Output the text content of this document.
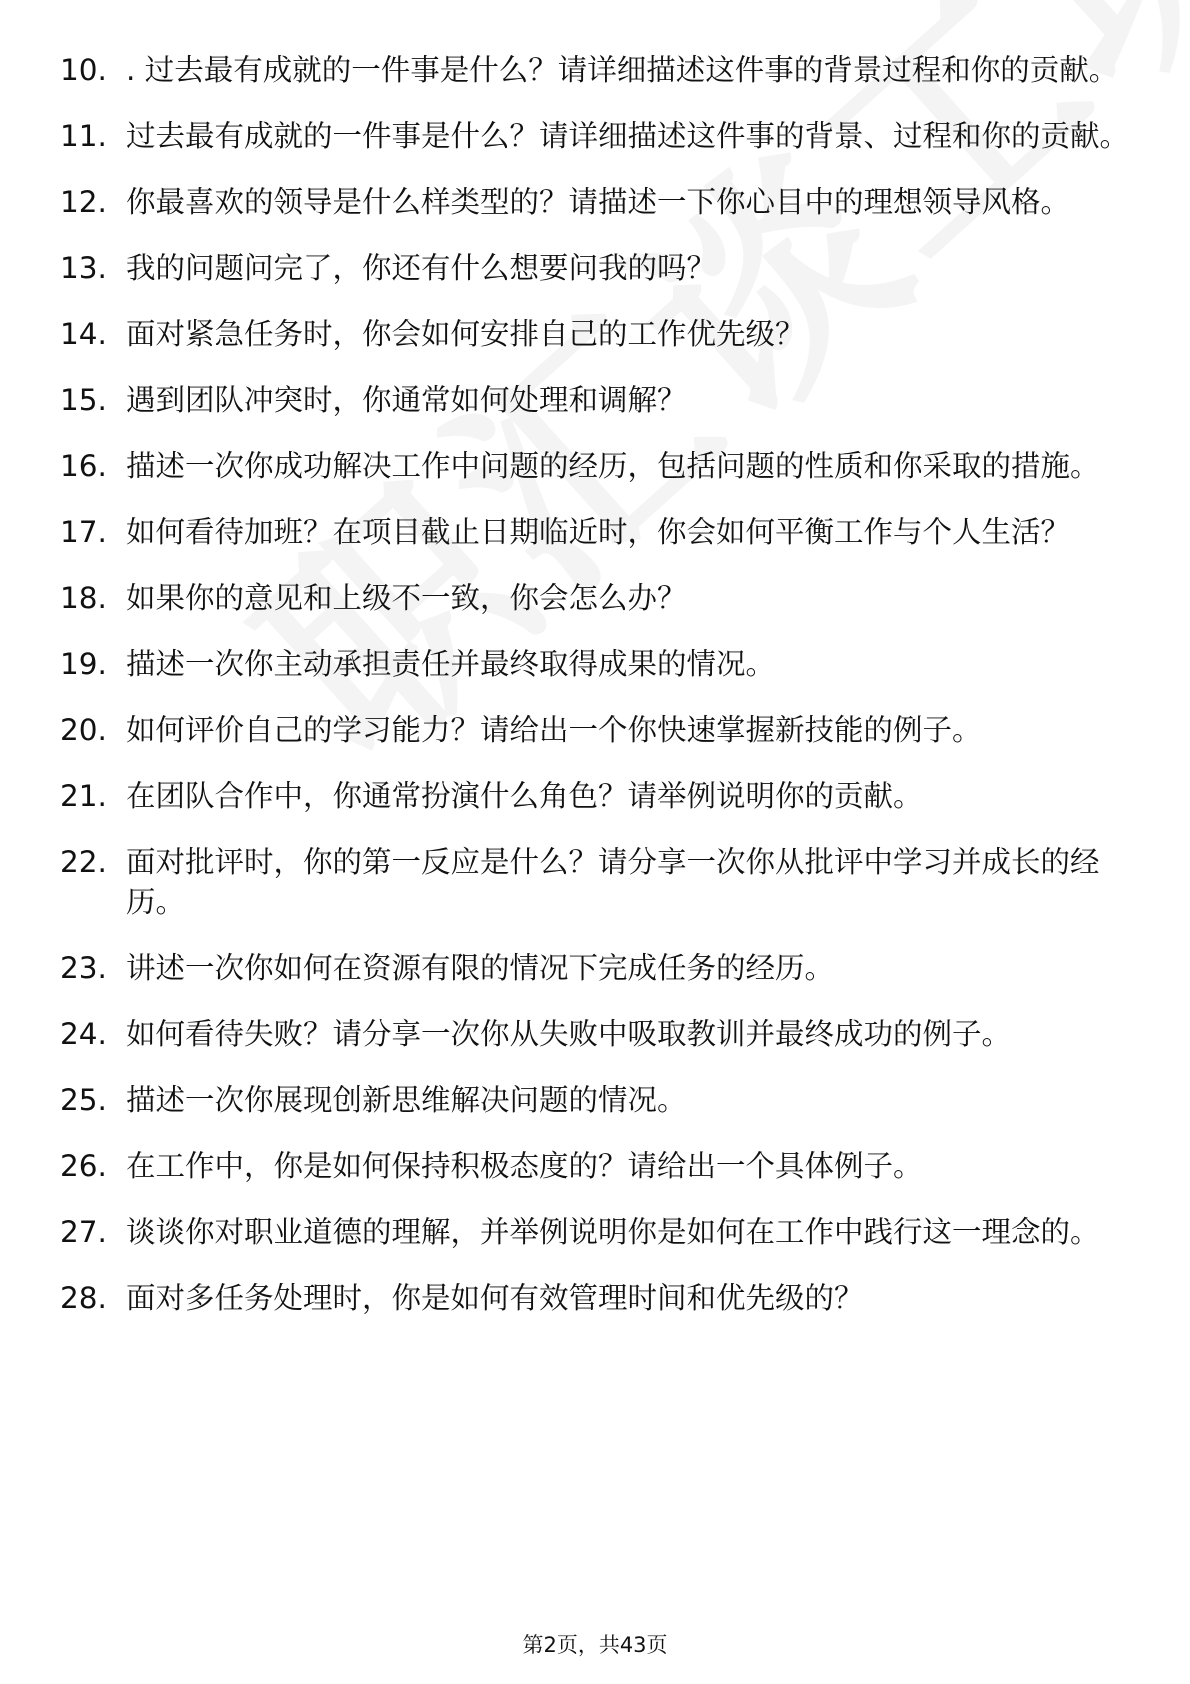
10. . 过去最有成就的一件事是什么？请详细描述这件事的背景过程和你的贡献。
11. 过去最有成就的一件事是什么？请详细描述这件事的背景、过程和你的贡献。
12. 你最喜欢的领导是什么样类型的？请描述一下你心目中的理想领导风格。
13. 我的问题问完了，你还有什么想要问我的吗？
14. 面对紧急任务时，你会如何安排自己的工作优先级？
15. 遇到团队冲突时，你通常如何处理和调解？
16. 描述一次你成功解决工作中问题的经历，包括问题的性质和你采取的措施。
17. 如何看待加班？在项目截止日期临近时，你会如何平衡工作与个人生活？
18. 如果你的意见和上级不一致，你会怎么办？
19. 描述一次你主动承担责任并最终取得成果的情况。
20. 如何评价自己的学习能力？请给出一个你快速掌握新技能的例子。
21. 在团队合作中，你通常扮演什么角色？请举例说明你的贡献。
22. 面对批评时，你的第一反应是什么？请分享一次你从批评中学习并成长的经历。
23. 讲述一次你如何在资源有限的情况下完成任务的经历。
24. 如何看待失败？请分享一次你从失败中吸取教训并最终成功的例子。
25. 描述一次你展现创新思维解决问题的情况。
26. 在工作中，你是如何保持积极态度的？请给出一个具体例子。
27. 谈谈你对职业道德的理解，并举例说明你是如何在工作中践行这一理念的。
28. 面对多任务处理时，你是如何有效管理时间和优先级的？
第2页，共43页
